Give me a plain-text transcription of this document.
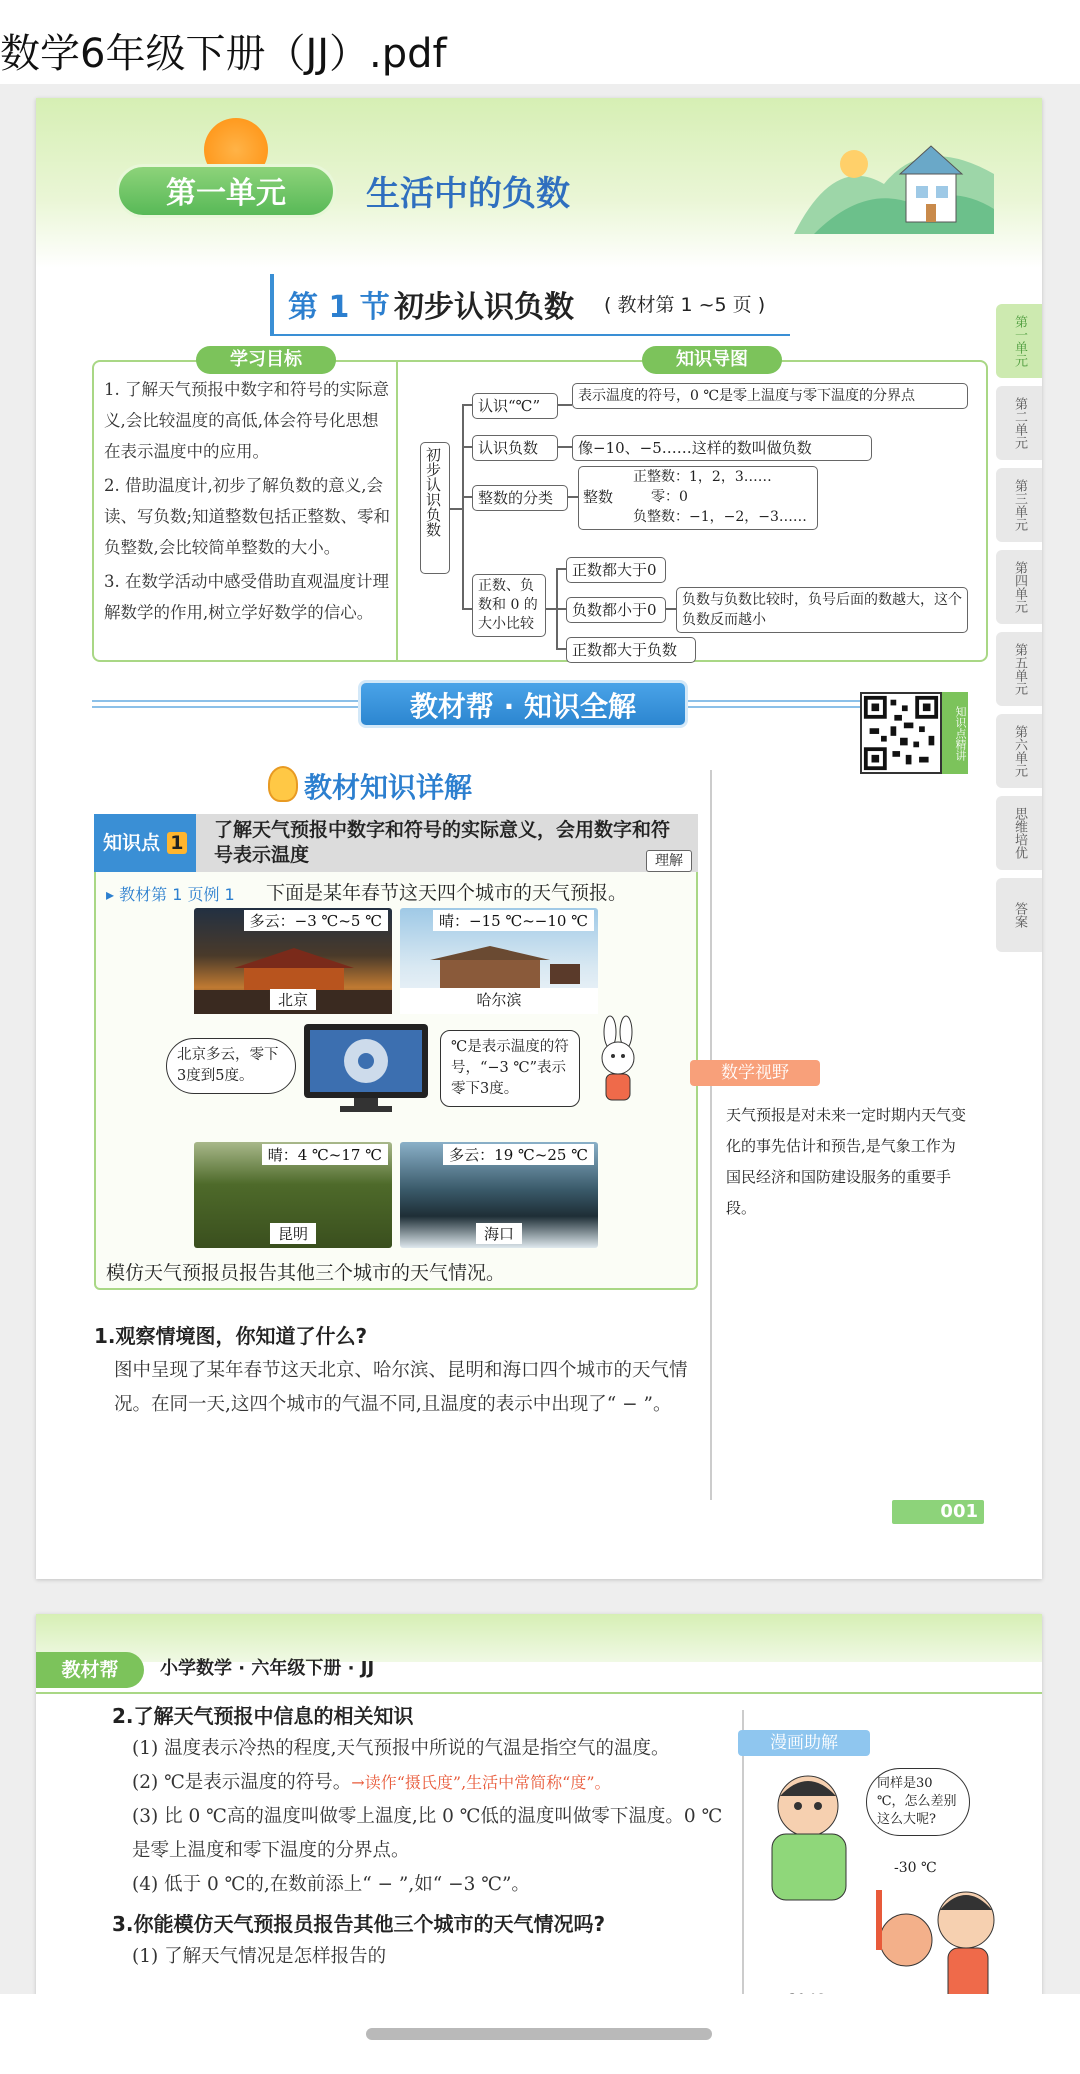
数学6年级下册（JJ）.pdf
第一单元	生活中的负数
第 1 节 初步认识负数 ( 教材第 1 ~5 页 )
学习目标	知识导图
1. 了解天气预报中数字和符号的实际意义,会比较温度的高低,体会符号化思想在表示温度中的应用。
2. 借助温度计,初步了解负数的意义,会读、写负数;知道整数包括正整数、零和负整数,会比较简单整数的大小。
3. 在数学活动中感受借助直观温度计理解数学的作用,树立学好数学的信心。
初步认识负数
认识“℃”
表示温度的符号，0 ℃是零上温度与零下温度的分界点
认识负数	像−10、−5……这样的数叫做负数
整数的分类	整数
正整数：1，2，3……
零：0
负整数：−1，−2，−3……
正数、负数和 0 的大小比较
正数都大于0
负数都小于0
负数与负数比较时，负号后面的数越大，这个负数反而越小
正数都大于负数
教材帮 · 知识全解	知识点精讲
教材知识详解
知识点 1
了解天气预报中数字和符号的实际意义，会用数字和符号表示温度	理解
▸ 教材第 1 页例 1 下面是某年春节这天四个城市的天气预报。
多云：−3 ℃~5 ℃
北京
晴：−15 ℃~−10 ℃
哈尔滨
北京多云，零下3度到5度。
℃是表示温度的符号，“−3 ℃”表示零下3度。
晴：4 ℃~17 ℃
昆明
多云：19 ℃~25 ℃
海口
模仿天气预报员报告其他三个城市的天气情况。
1.观察情境图，你知道了什么?
图中呈现了某年春节这天北京、哈尔滨、昆明和海口四个城市的天气情况。在同一天,这四个城市的气温不同,且温度的表示中出现了“ − ”。
数学视野
天气预报是对未来一定时期内天气变化的事先估计和预告,是气象工作为国民经济和国防建设服务的重要手段。
001
第一单元
第二单元
第三单元
第四单元
第五单元
第六单元
思维培优
答案
教材帮	小学数学 · 六年级下册 · JJ
2.了解天气预报中信息的相关知识
(1) 温度表示冷热的程度,天气预报中所说的气温是指空气的温度。
(2) ℃是表示温度的符号。→读作“摄氏度”,生活中常简称“度”。
(3) 比 0 ℃高的温度叫做零上温度,比 0 ℃低的温度叫做零下温度。0 ℃是零上温度和零下温度的分界点。
(4) 低于 0 ℃的,在数前添上“ − ”,如“ −3 ℃”。
3.你能模仿天气预报员报告其他三个城市的天气情况吗?
(1) 了解天气情况是怎样报告的
漫画助解
同样是30 ℃，怎么差别这么大呢?
-30 ℃
